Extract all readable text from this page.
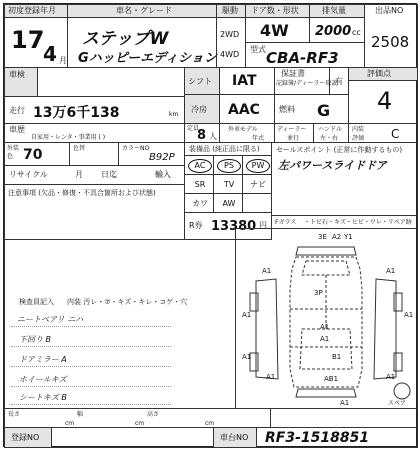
初度登録年月
17
4 月
車名・グレード
ステップW
Gハッピーエディション
駆動
2WD
4WD
ドア数・形状
4W
排気量
2000 cc
型式 CBA-RF3
出品NO
2508
車検
走行 13万6千138	km
シフト IAT	保証書
記録簿/ディーラー取説
有
冷房 AAC 燃料 G
評価点
4
車歴
自家用・レンタ・事業用 ( )
定員
8 人
外車モデル
年式
ディーラー
並行
ハンドル
左・右
内装
評価 C
外装
色 70	色替	カラーNO
B92P
リサイクル	月 日迄	輸入
注意事項 (欠品・修復・不具合箇所および状態)
装備品 (純正品に限る)
AC	PS	PW
SR	TV	ナビ
カワ	AW
R券 13380 円
セールスポイント (正常に作動するもの)
左パワースライドドア
Fガラス ・トビ石・キズ・ヒビ・ワレ・リペア跡
検査員記入 内装 汚レ・⑦・キズ・キレ・コゲ・穴
ニートベアリ ニハ
下回り B
ドアミラー A
ホイールキズ
シートキズ B
3E A2 Y1
A1	A1
A1	A1
3P
A1
A1
A1	B1
A1	A1
AB1
A1	スペア
長さ
cm
幅
cm
高さ
cm
登録NO	車台NO RF3-1518851
